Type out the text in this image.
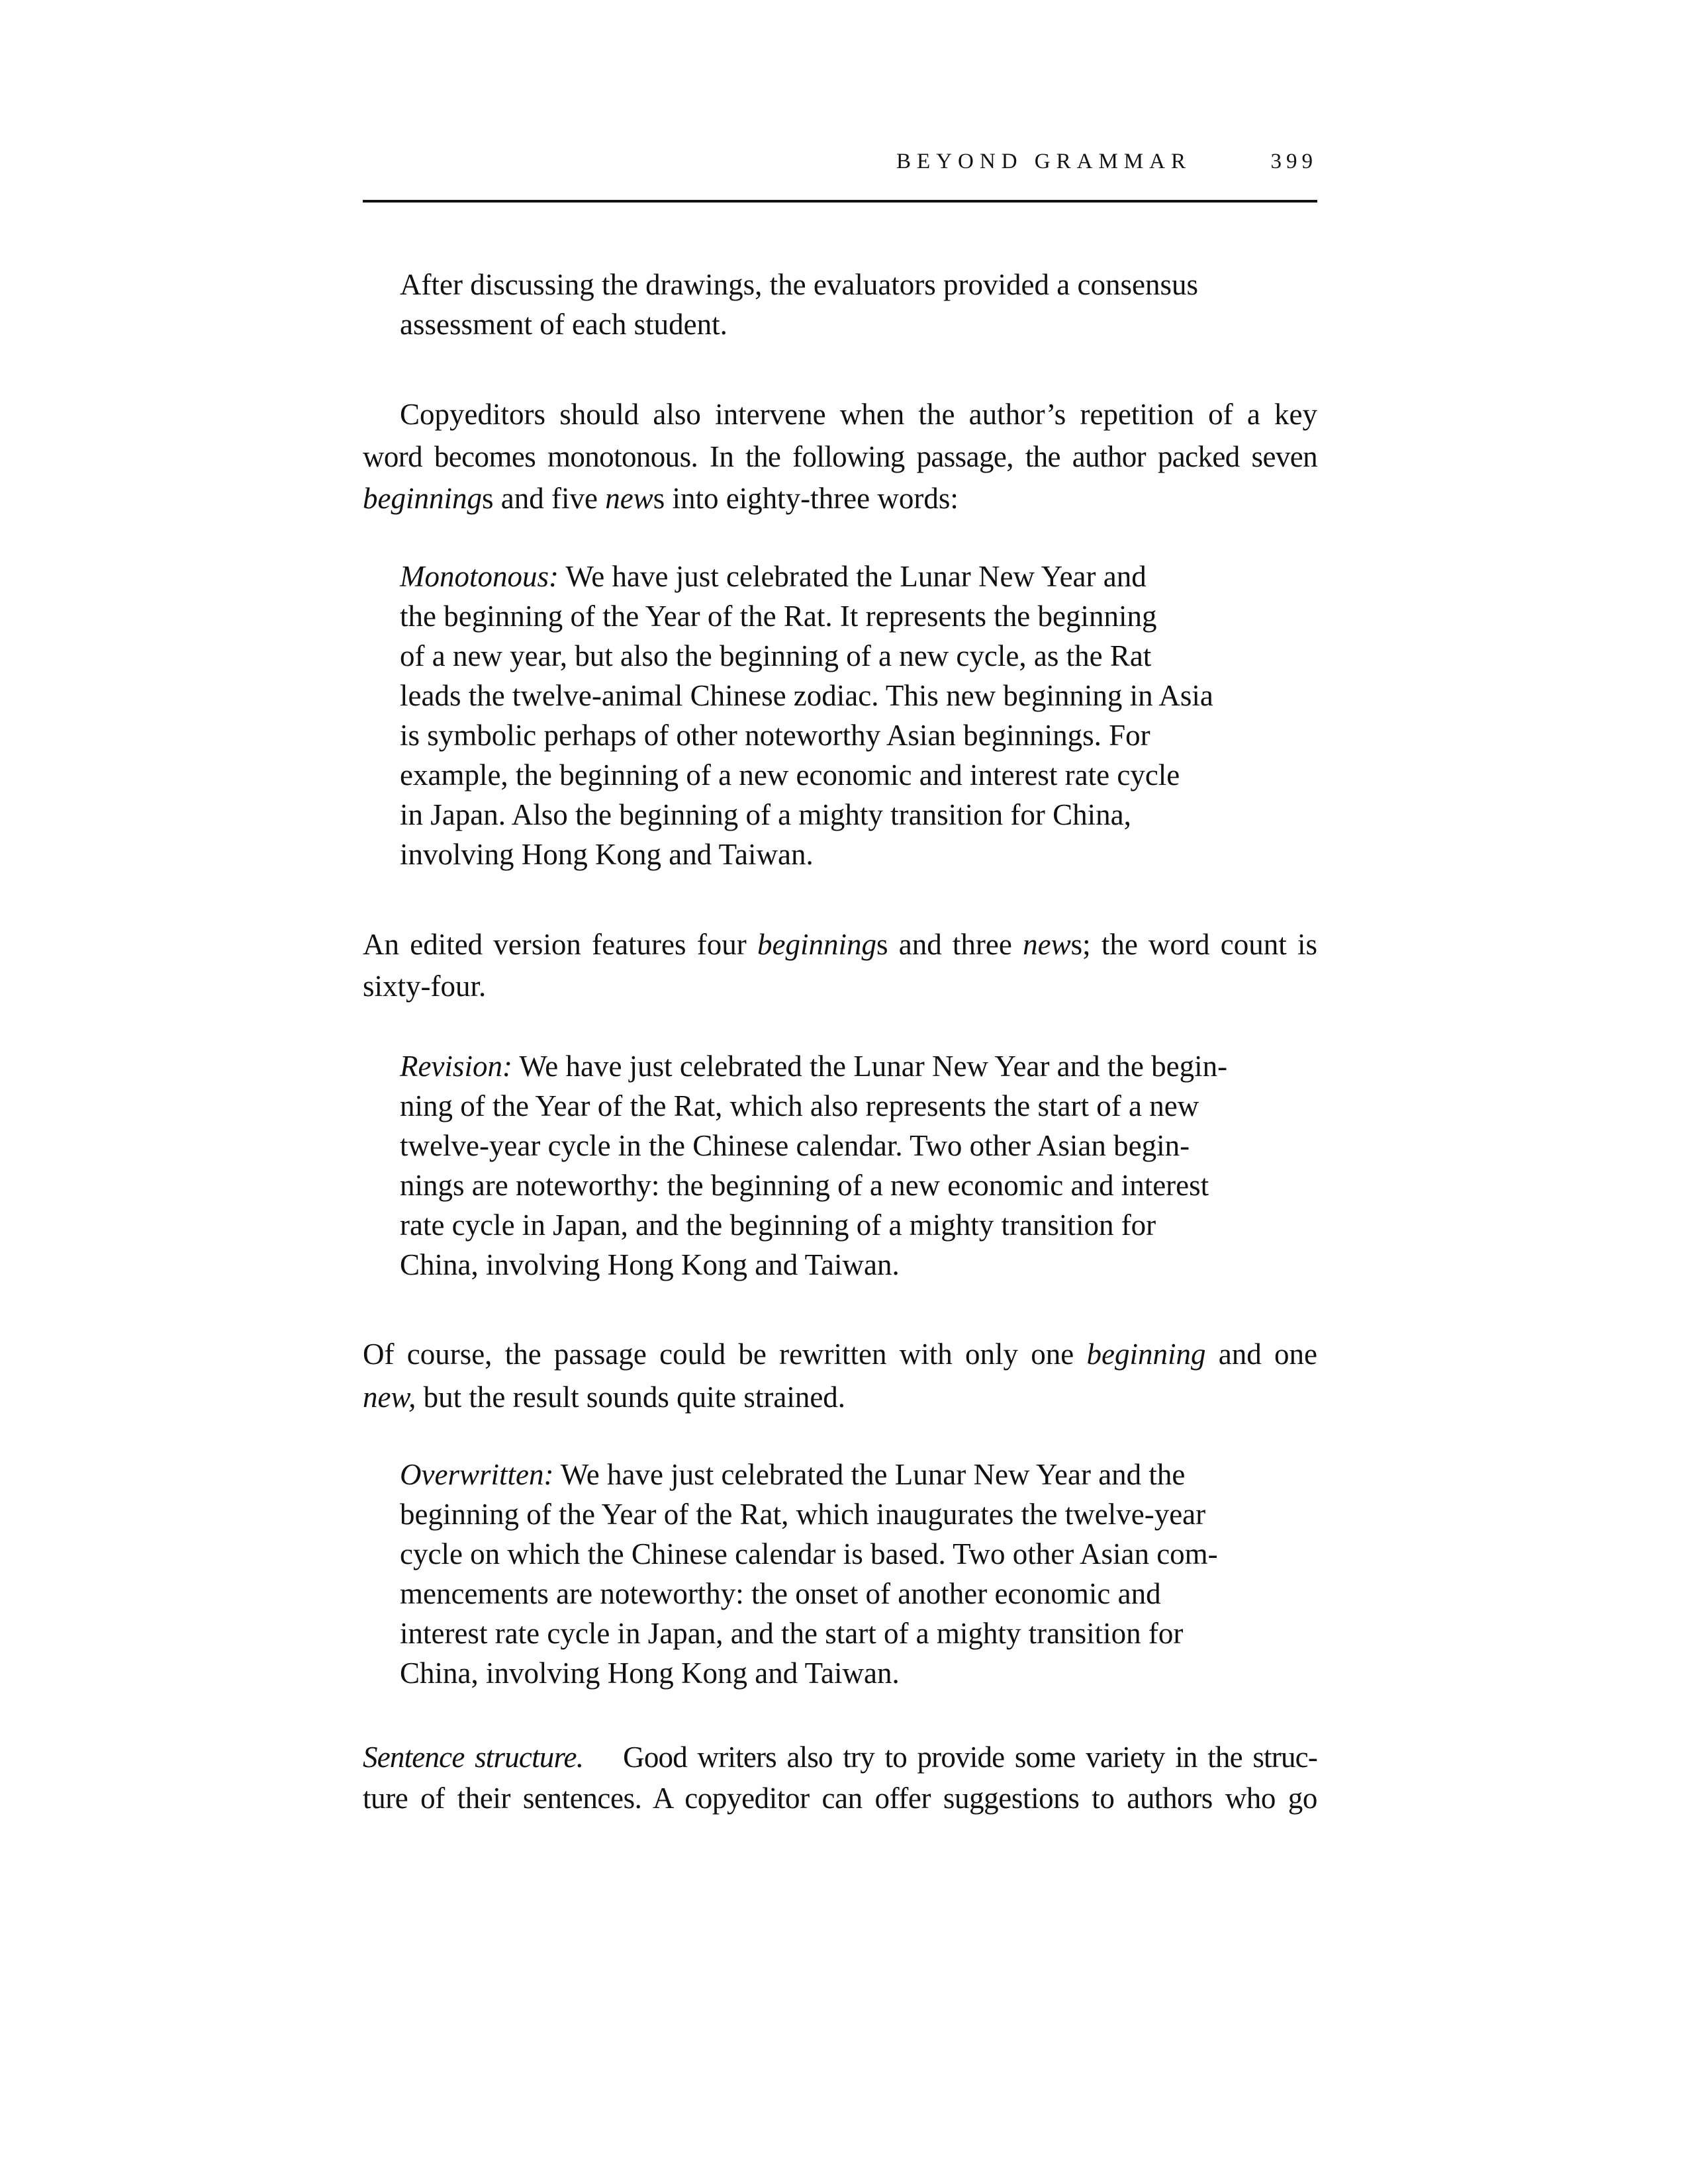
BEYOND GRAMMAR	399
After discussing the drawings, the evaluators provided a consensus
assessment of each student.
Copyeditors should also intervene when the author’s repetition of a key
word becomes monotonous. In the following passage, the author packed seven
beginnings and five news into eighty-three words:
Monotonous: We have just celebrated the Lunar New Year and
the beginning of the Year of the Rat. It represents the beginning
of a new year, but also the beginning of a new cycle, as the Rat
leads the twelve-animal Chinese zodiac. This new beginning in Asia
is symbolic perhaps of other noteworthy Asian beginnings. For
example, the beginning of a new economic and interest rate cycle
in Japan. Also the beginning of a mighty transition for China,
involving Hong Kong and Taiwan.
An edited version features four beginnings and three news; the word count is
sixty-four.
Revision: We have just celebrated the Lunar New Year and the begin-
ning of the Year of the Rat, which also represents the start of a new
twelve-year cycle in the Chinese calendar. Two other Asian begin-
nings are noteworthy: the beginning of a new economic and interest
rate cycle in Japan, and the beginning of a mighty transition for
China, involving Hong Kong and Taiwan.
Of course, the passage could be rewritten with only one beginning and one
new, but the result sounds quite strained.
Overwritten: We have just celebrated the Lunar New Year and the
beginning of the Year of the Rat, which inaugurates the twelve-year
cycle on which the Chinese calendar is based. Two other Asian com-
mencements are noteworthy: the onset of another economic and
interest rate cycle in Japan, and the start of a mighty transition for
China, involving Hong Kong and Taiwan.
Sentence structure. Good writers also try to provide some variety in the struc-
ture of their sentences. A copyeditor can offer suggestions to authors who go
